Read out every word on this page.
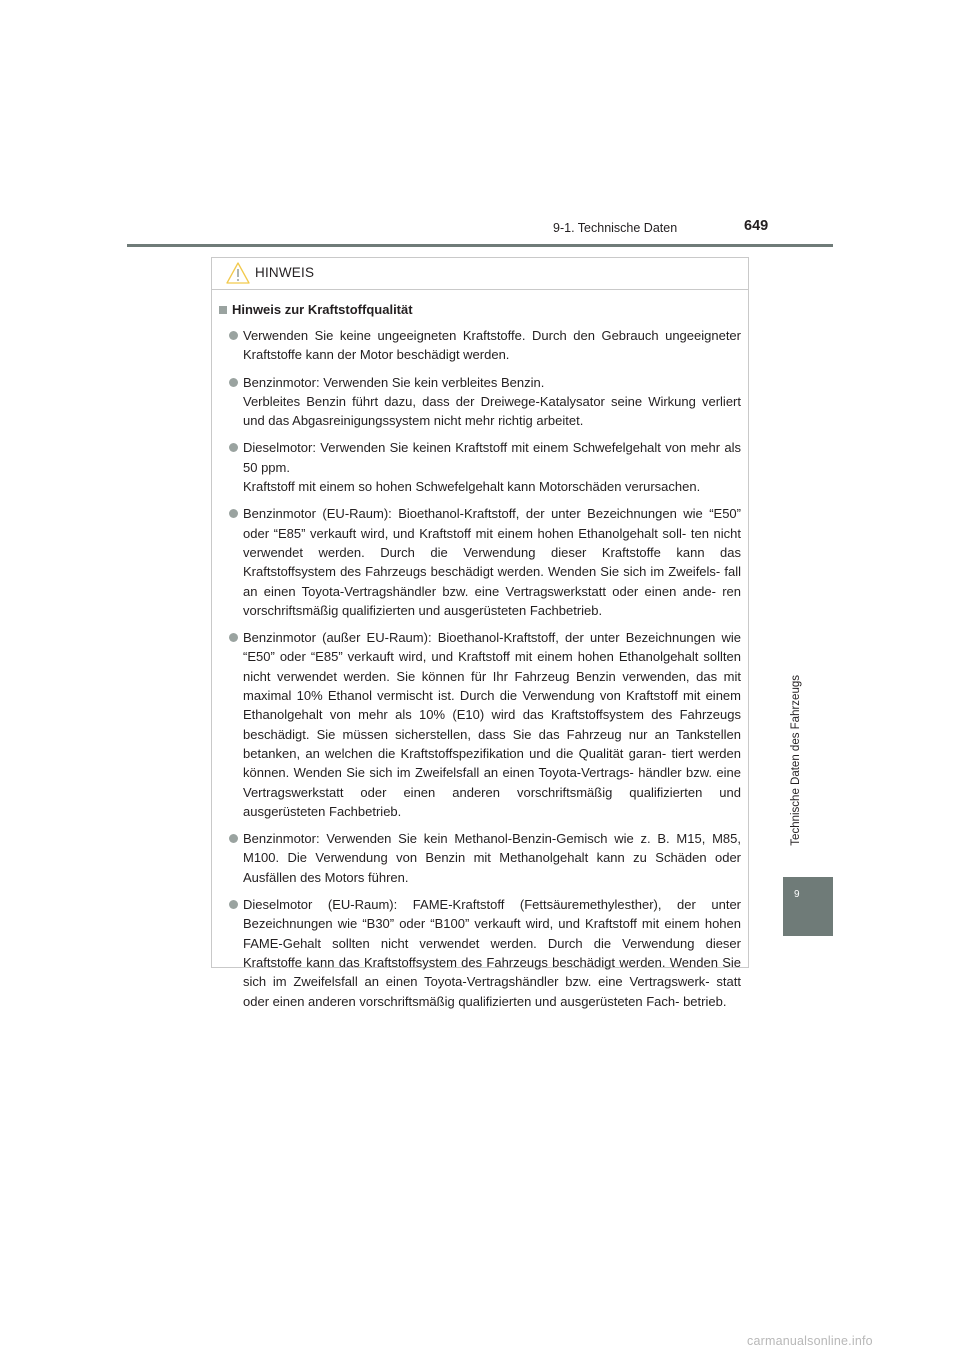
9-1. Technische Daten	649
Technische Daten des Fahrzeugs
9
HINWEIS
Hinweis zur Kraftstoffqualität

Verwenden Sie keine ungeeigneten Kraftstoffe. Durch den Gebrauch ungeeigneter Kraftstoffe kann der Motor beschädigt werden.

Benzinmotor: Verwenden Sie kein verbleites Benzin.

Verbleites Benzin führt dazu, dass der Dreiwege-Katalysator seine Wirkung verliert und das Abgasreinigungssystem nicht mehr richtig arbeitet.

Dieselmotor: Verwenden Sie keinen Kraftstoff mit einem Schwefelgehalt von mehr als 50 ppm.

Kraftstoff mit einem so hohen Schwefelgehalt kann Motorschäden verursachen.

Benzinmotor (EU-Raum): Bioethanol-Kraftstoff, der unter Bezeichnungen wie “E50” oder “E85” verkauft wird, und Kraftstoff mit einem hohen Ethanolgehalt soll- ten nicht verwendet werden. Durch die Verwendung dieser Kraftstoffe kann das Kraftstoffsystem des Fahrzeugs beschädigt werden. Wenden Sie sich im Zweifels- fall an einen Toyota-Vertragshändler bzw. eine Vertragswerkstatt oder einen ande- ren vorschriftsmäßig qualifizierten und ausgerüsteten Fachbetrieb.

Benzinmotor (außer EU-Raum): Bioethanol-Kraftstoff, der unter Bezeichnungen wie “E50” oder “E85” verkauft wird, und Kraftstoff mit einem hohen Ethanolgehalt sollten nicht verwendet werden. Sie können für Ihr Fahrzeug Benzin verwenden, das mit maximal 10% Ethanol vermischt ist. Durch die Verwendung von Kraftstoff mit einem Ethanolgehalt von mehr als 10% (E10) wird das Kraftstoffsystem des Fahrzeugs beschädigt. Sie müssen sicherstellen, dass Sie das Fahrzeug nur an Tankstellen betanken, an welchen die Kraftstoffspezifikation und die Qualität garan- tiert werden können. Wenden Sie sich im Zweifelsfall an einen Toyota-Vertrags- händler bzw. eine Vertragswerkstatt oder einen anderen vorschriftsmäßig qualifizierten und ausgerüsteten Fachbetrieb.

Benzinmotor: Verwenden Sie kein Methanol-Benzin-Gemisch wie z. B. M15, M85, M100. Die Verwendung von Benzin mit Methanolgehalt kann zu Schäden oder Ausfällen des Motors führen.

Dieselmotor (EU-Raum): FAME-Kraftstoff (Fettsäuremethylesther), der unter Bezeichnungen wie “B30” oder “B100” verkauft wird, und Kraftstoff mit einem hohen FAME-Gehalt sollten nicht verwendet werden. Durch die Verwendung dieser Kraftstoffe kann das Kraftstoffsystem des Fahrzeugs beschädigt werden. Wenden Sie sich im Zweifelsfall an einen Toyota-Vertragshändler bzw. eine Vertragswerk- statt oder einen anderen vorschriftsmäßig qualifizierten und ausgerüsteten Fach- betrieb.

carmanualsonline.info
